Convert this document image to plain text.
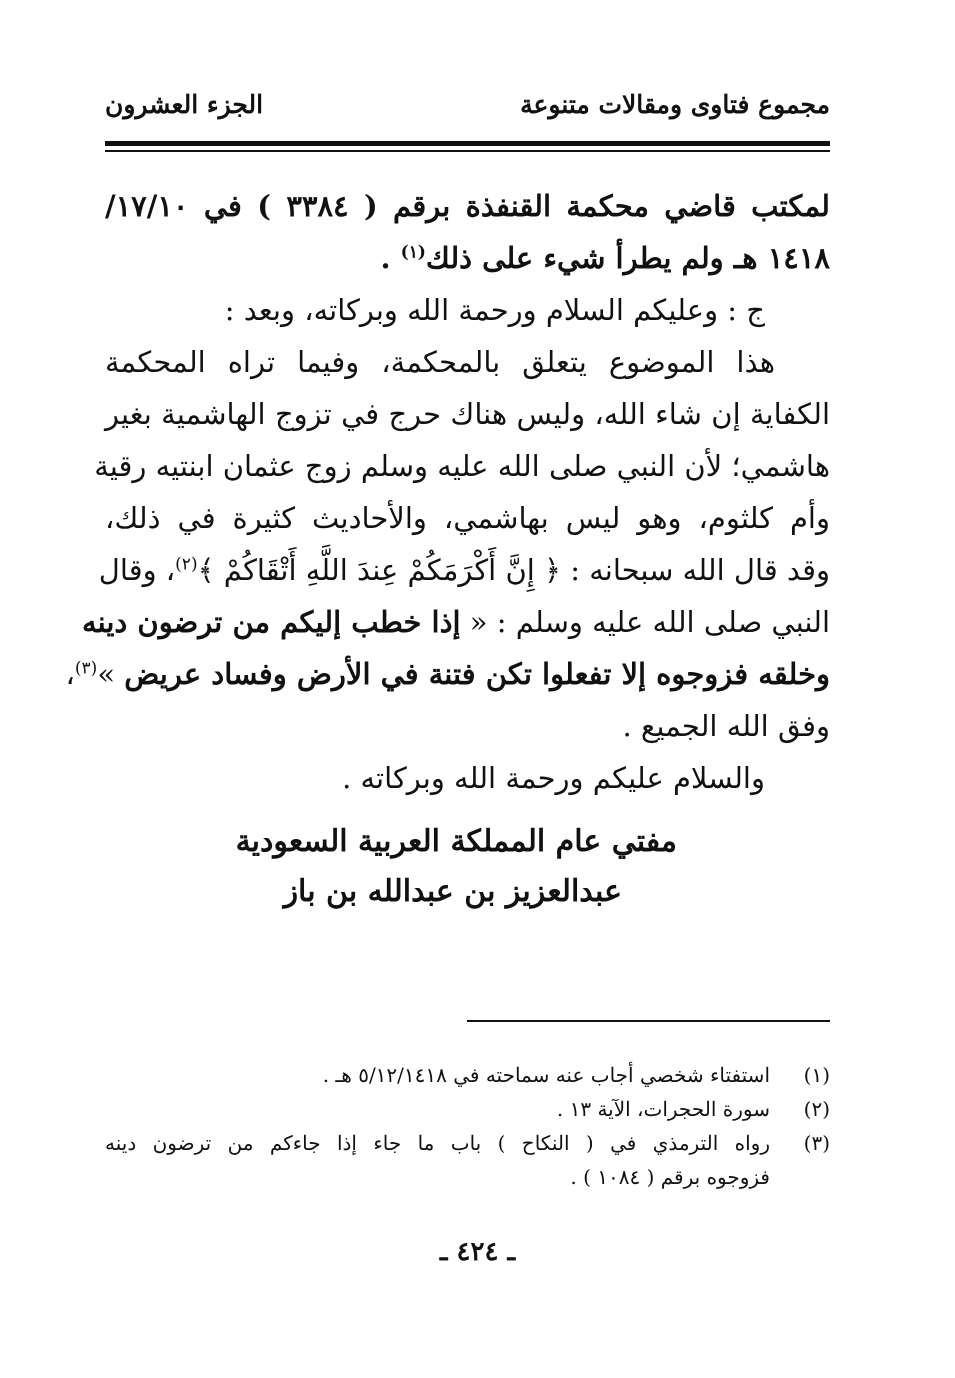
مجموع فتاوى ومقالات متنوعة
الجزء العشرون
لمكتب قاضي محكمة القنفذة برقم ( ٣٣٨٤ ) في ١٧/١٠/
١٤١٨ هـ ولم يطرأ شيء على ذلك$^{(١)}$ .
ج : وعليكم السلام ورحمة الله وبركاته، وبعد :
هذا الموضوع يتعلق بالمحكمة، وفيما تراه المحكمة
الكفاية إن شاء الله، وليس هناك حرج في تزوج الهاشمية بغير
هاشمي؛ لأن النبي صلى الله عليه وسلم زوج عثمان ابنتيه رقية
وأم كلثوم، وهو ليس بهاشمي، والأحاديث كثيرة في ذلك،
وقد قال الله سبحانه : ﴿ إِنَّ أَكْرَمَكُمْ عِندَ اللَّهِ أَتْقَاكُمْ ﴾$^{(٢)}$، وقال
النبي صلى الله عليه وسلم : « إذا خطب إليكم من ترضون دينه
وخلقه فزوجوه إلا تفعلوا تكن فتنة في الأرض وفساد عريض »$^{(٣)}$،
وفق الله الجميع .
والسلام عليكم ورحمة الله وبركاته .
مفتي عام المملكة العربية السعودية
عبدالعزيز بن عبدالله بن باز
(١)
استفتاء شخصي أجاب عنه سماحته في ٥/١٢/١٤١٨ هـ .
(٢)
سورة الحجرات، الآية ١٣ .
(٣)
رواه الترمذي في ( النكاح ) باب ما جاء إذا جاءكم من ترضون دينه
فزوجوه برقم ( ١٠٨٤ ) .
ـ ٤٢٤ ـ
